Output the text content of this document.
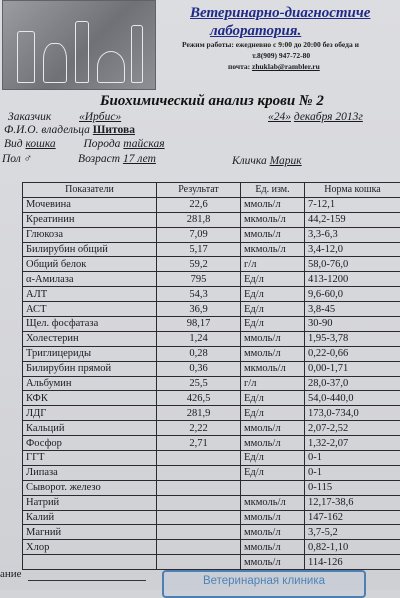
Ветеринарно-диагностиче
лаборатория.
Режим работы: ежедневно с 9:00 до 20:00 без обеда и
т.8(909) 947-72-80
почта: zhuklab@rambler.ru
Биохимический анализ крови № 2
Заказчик «Ирбис»	«24» декабря 2013г
Ф.И.О. владельца Шитова
Вид кошка Порода тайская
Пол ♂	Возраст 17 лет	Кличка Марик
Показатели	Результат	Ед. изм.	Норма кошка
Мочевина	22,6	ммоль/л	7-12,1
Креатинин	281,8	мкмоль/л	44,2-159
Глюкоза	7,09	ммоль/л	3,3-6,3
Билирубин общий	5,17	мкмоль/л	3,4-12,0
Общий белок	59,2	г/л	58,0-76,0
α-Амилаза	795	Ед/л	413-1200
АЛТ	54,3	Ед/л	9,6-60,0
АСТ	36,9	Ед/л	3,8-45
Щел. фосфатаза	98,17	Ед/л	30-90
Холестерин	1,24	ммоль/л	1,95-3,78
Триглицериды	0,28	ммоль/л	0,22-0,66
Билирубин прямой	0,36	мкмоль/л	0,00-1,71
Альбумин	25,5	г/л	28,0-37,0
КФК	426,5	Ед/л	54,0-440,0
ЛДГ	281,9	Ед/л	173,0-734,0
Кальций	2,22	ммоль/л	2,07-2,52
Фосфор	2,71	ммоль/л	1,32-2,07
ГГТ		Ед/л	0-1
Липаза		Ед/л	0-1
Сыворот. железо			0-115
Натрий		мкмоль/л	12,17-38,6
Калий		ммоль/л	147-162
Магний		ммоль/л	3,7-5,2
Хлор		ммоль/л	0,82-1,10
		ммоль/л	114-126
ание
Ветеринарная клиника
